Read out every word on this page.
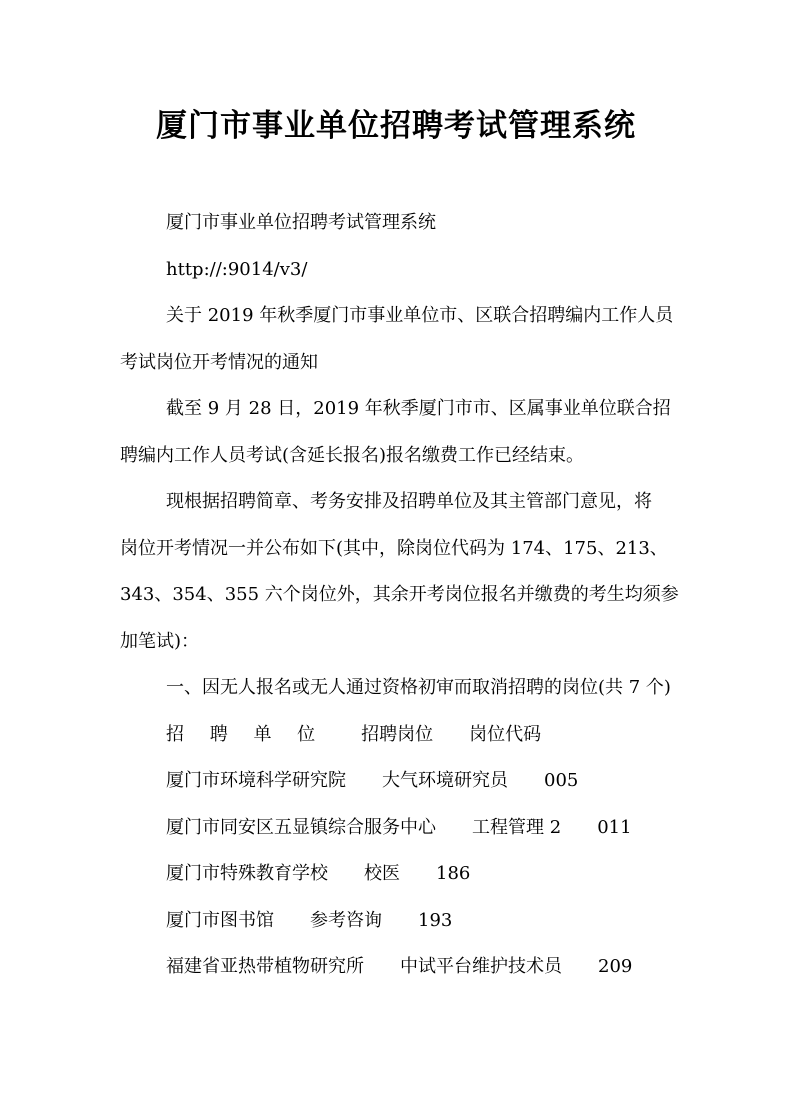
厦门市事业单位招聘考试管理系统
厦门市事业单位招聘考试管理系统
http://:9014/v3/
关于 2019 年秋季厦门市事业单位市、区联合招聘编内工作人员
考试岗位开考情况的通知
截至 9 月 28 日，2019 年秋季厦门市市、区属事业单位联合招
聘编内工作人员考试(含延长报名)报名缴费工作已经结束。
现根据招聘简章、考务安排及招聘单位及其主管部门意见，将
岗位开考情况一并公布如下(其中，除岗位代码为 174、175、213、
343、354、355 六个岗位外，其余开考岗位报名并缴费的考生均须参
加笔试)：
一、因无人报名或无人通过资格初审而取消招聘的岗位(共 7 个)
招 聘 单 位 招聘岗位 岗位代码
厦门市环境科学研究院 大气环境研究员 005
厦门市同安区五显镇综合服务中心 工程管理 2 011
厦门市特殊教育学校 校医 186
厦门市图书馆 参考咨询 193
福建省亚热带植物研究所 中试平台维护技术员 209
